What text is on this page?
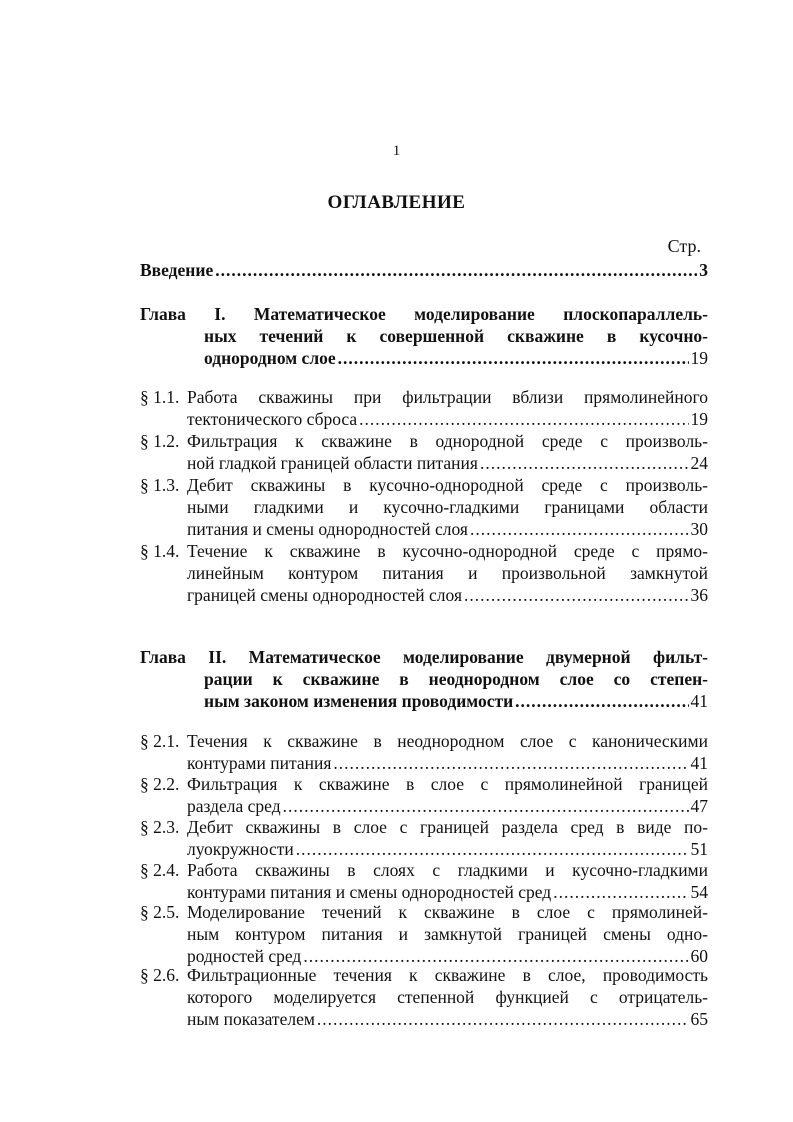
1
ОГЛАВЛЕНИЕ
Стр.
Введение .....	3
Глава I. Математическое моделирование плоскопараллель-
ных течений к совершенной скважине в кусочно-
однородном слое .....	19
§ 1.1. Работа скважины при фильтрации вблизи прямолинейного
тектонического сброса .....	19
§ 1.2. Фильтрация к скважине в однородной среде с произволь-
ной гладкой границей области питания .....	24
§ 1.3. Дебит скважины в кусочно-однородной среде с произволь-
ными гладкими и кусочно-гладкими границами области
питания и смены однородностей слоя .....	30
§ 1.4. Течение к скважине в кусочно-однородной среде с прямо-
линейным контуром питания и произвольной замкнутой
границей смены однородностей слоя .....	36
Глава II. Математическое моделирование двумерной фильт-
рации к скважине в неоднородном слое со степен-
ным законом изменения проводимости .....	41
§ 2.1. Течения к скважине в неоднородном слое с каноническими
контурами питания .....	41
§ 2.2. Фильтрация к скважине в слое с прямолинейной границей
раздела сред .....	47
§ 2.3. Дебит скважины в слое с границей раздела сред в виде по-
луокружности .....	51
§ 2.4. Работа скважины в слоях с гладкими и кусочно-гладкими
контурами питания и смены однородностей сред .....	54
§ 2.5. Моделирование течений к скважине в слое с прямолиней-
ным контуром питания и замкнутой границей смены одно-
родностей сред .....	60
§ 2.6. Фильтрационные течения к скважине в слое, проводимость
которого моделируется степенной функцией с отрицатель-
ным показателем .....	65
